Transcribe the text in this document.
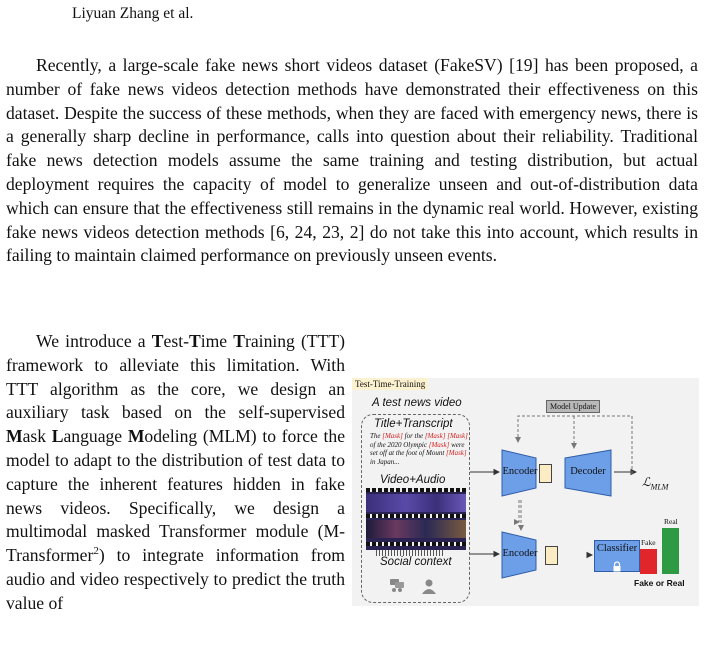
Liyuan Zhang et al.

Recently, a large-scale fake news short videos dataset (FakeSV) [19] has been proposed, a number of fake news videos detection methods have demonstrated their effectiveness on this dataset. Despite the success of these methods, when they are faced with emergency news, there is a generally sharp decline in performance, calls into question about their reliability. Traditional fake news detection models assume the same training and testing distribution, but actual deployment requires the capacity of model to generalize unseen and out-of-distribution data which can ensure that the effectiveness still remains in the dynamic real world. However, existing fake news videos detection methods [6, 24, 23, 2] do not take this into account, which results in failing to maintain claimed performance on previously unseen events.

We introduce a Test-Time Training (TTT) framework to alleviate this limitation. With TTT algorithm as the core, we design an auxiliary task based on the self-supervised Mask Language Modeling (MLM) to force the model to adapt to the distribution of test data to capture the inherent features hidden in fake news videos. Specifically, we design a multimodal masked Transformer module (M-Transformer$^2$) to integrate information from audio and video respectively to predict the truth value of

Test-Time-Training
A test news video
Title+Transcript
The [Mask] for the [Mask] [Mask] of the 2020 Olympic [Mask] were set off at the foot of Mount [Mask] in Japan...
Video+Audio
Social context
Model Update
Encoder	Decoder
ℒ$_{MLM}$
Encoder	Classifier
Fake
Real
Fake or Real
